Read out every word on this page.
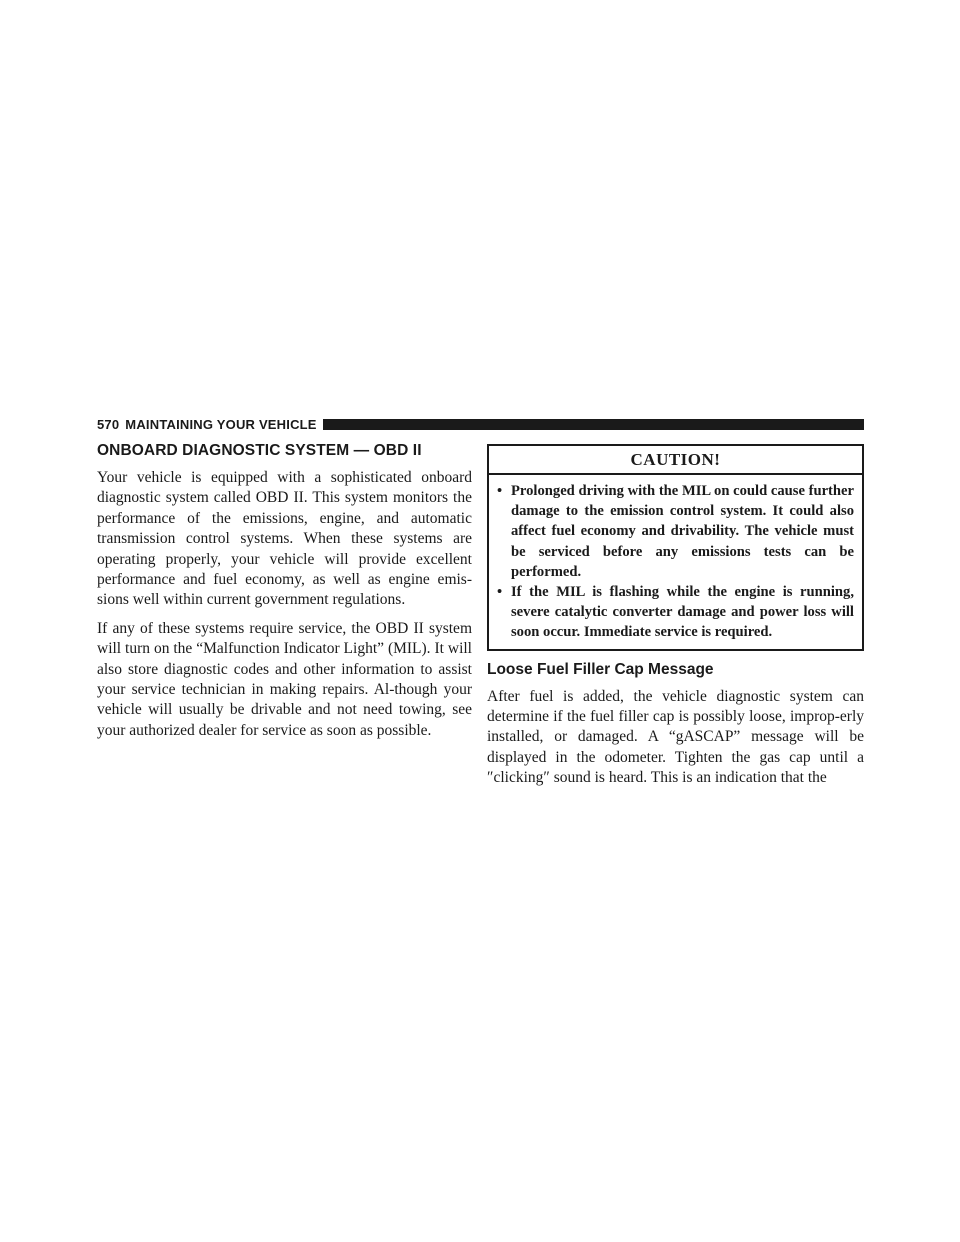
570 MAINTAINING YOUR VEHICLE
ONBOARD DIAGNOSTIC SYSTEM — OBD II

Your vehicle is equipped with a sophisticated onboard diagnostic system called OBD II. This system monitors the performance of the emissions, engine, and automatic transmission control systems. When these systems are operating properly, your vehicle will provide excellent performance and fuel economy, as well as engine emis-sions well within current government regulations.

If any of these systems require service, the OBD II system will turn on the “Malfunction Indicator Light” (MIL). It will also store diagnostic codes and other information to assist your service technician in making repairs. Al-though your vehicle will usually be drivable and not need towing, see your authorized dealer for service as soon as possible.

CAUTION!
• Prolonged driving with the MIL on could cause further damage to the emission control system. It could also affect fuel economy and drivability. The vehicle must be serviced before any emissions tests can be performed.
• If the MIL is flashing while the engine is running, severe catalytic converter damage and power loss will soon occur. Immediate service is required.
Loose Fuel Filler Cap Message

After fuel is added, the vehicle diagnostic system can determine if the fuel filler cap is possibly loose, improp-erly installed, or damaged. A “gASCAP” message will be displayed in the odometer. Tighten the gas cap until a ″clicking″ sound is heard. This is an indication that the
